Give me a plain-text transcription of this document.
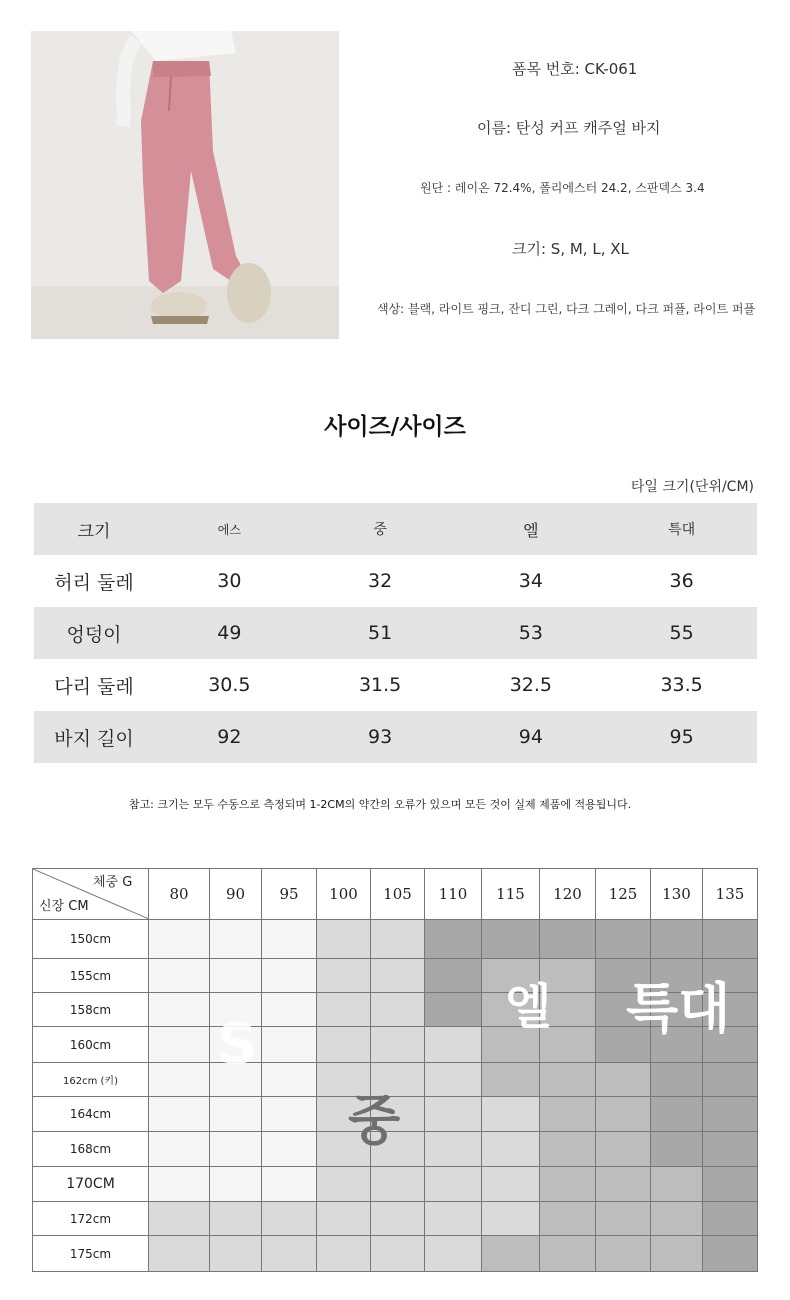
폼목 번호: CK-061
이름: 탄성 커프 캐주얼 바지
원단 : 레이온 72.4%, 폴리에스터 24.2, 스판덱스 3.4
크기: S, M, L, XL
색상: 블랙, 라이트 핑크, 잔디 그린, 다크 그레이, 다크 퍼플, 라이트 퍼플
사이즈/사이즈
타일 크기(단위/CM)
크기	에스	중	엘	특대
허리 둘레	30	32	34	36
엉덩이	49	51	53	55
다리 둘레	30.5	31.5	32.5	33.5
바지 길이	92	93	94	95
참고: 크기는 모두 수동으로 측정되며 1-2CM의 약간의 오류가 있으며 모든 것이 실제 제품에 적용됩니다.
체중 G
신장 CM	80	90	95	100	105	110	115	120	125	130	135
150cm											
155cm											
158cm											
160cm											
162cm (키)											
164cm											
168cm											
170CM											
172cm											
175cm											
S
중
엘 특대
